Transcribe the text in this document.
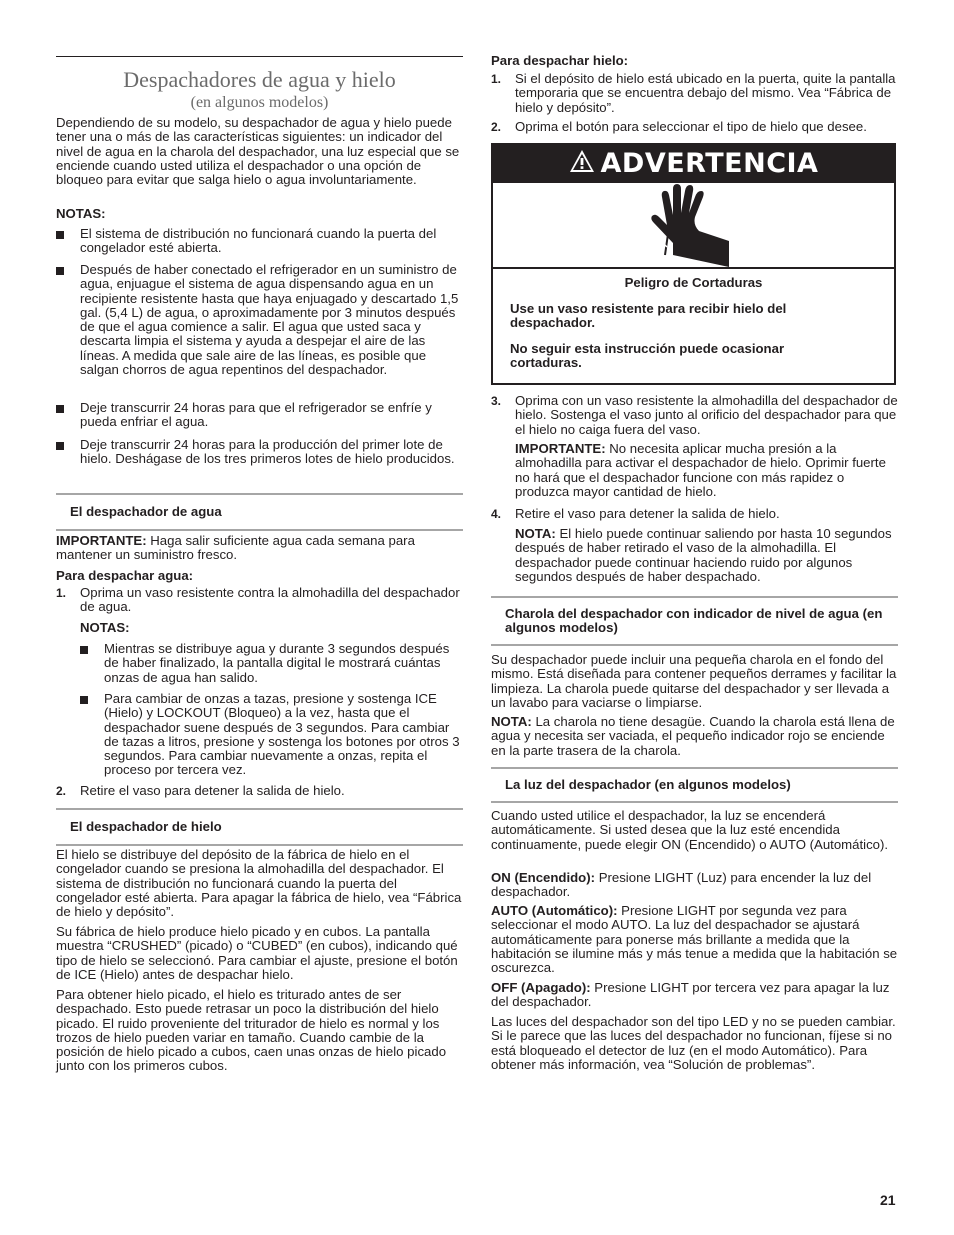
Despachadores de agua y hielo
(en algunos modelos)

Dependiendo de su modelo, su despachador de agua y hielo puede tener una o más de las características siguientes: un indicador del nivel de agua en la charola del despachador, una luz especial que se enciende cuando usted utiliza el despachador o una opción de bloqueo para evitar que salga hielo o agua involuntariamente.

NOTAS:

El sistema de distribución no funcionará cuando la puerta del congelador esté abierta.
Después de haber conectado el refrigerador en un suministro de agua, enjuague el sistema de agua dispensando agua en un recipiente resistente hasta que haya enjuagado y descartado 1,5 gal. (5,4 L) de agua, o aproximadamente por 3 minutos después de que el agua comience a salir. El agua que usted saca y descarta limpia el sistema y ayuda a despejar el aire de las líneas. A medida que sale aire de las líneas, es posible que salgan chorros de agua repentinos del despachador.
Deje transcurrir 24 horas para que el refrigerador se enfríe y pueda enfriar el agua.
Deje transcurrir 24 horas para la producción del primer lote de hielo. Deshágase de los tres primeros lotes de hielo producidos.
El despachador de agua

IMPORTANTE: Haga salir suficiente agua cada semana para mantener un suministro fresco.

Para despachar agua:

1. Oprima un vaso resistente contra la almohadilla del despachador de agua.

NOTAS:

Mientras se distribuye agua y durante 3 segundos después de haber finalizado, la pantalla digital le mostrará cuántas onzas de agua han salido.
Para cambiar de onzas a tazas, presione y sostenga ICE (Hielo) y LOCKOUT (Bloqueo) a la vez, hasta que el despachador suene después de 3 segundos. Para cambiar de tazas a litros, presione y sostenga los botones por otros 3 segundos. Para cambiar nuevamente a onzas, repita el proceso por tercera vez.
2. Retire el vaso para detener la salida de hielo.
El despachador de hielo

El hielo se distribuye del depósito de la fábrica de hielo en el congelador cuando se presiona la almohadilla del despachador. El sistema de distribución no funcionará cuando la puerta del congelador esté abierta. Para apagar la fábrica de hielo, vea “Fábrica de hielo y depósito”.

Su fábrica de hielo produce hielo picado y en cubos. La pantalla muestra “CRUSHED” (picado) o “CUBED” (en cubos), indicando qué tipo de hielo se seleccionó. Para cambiar el ajuste, presione el botón de ICE (Hielo) antes de despachar hielo.

Para obtener hielo picado, el hielo es triturado antes de ser despachado. Esto puede retrasar un poco la distribución del hielo picado. El ruido proveniente del triturador de hielo es normal y los trozos de hielo pueden variar en tamaño. Cuando cambie de la posición de hielo picado a cubos, caen unas onzas de hielo picado junto con los primeros cubos.

Para despachar hielo:

1. Si el depósito de hielo está ubicado en la puerta, quite la pantalla temporaria que se encuentra debajo del mismo. Vea “Fábrica de hielo y depósito”.
2. Oprima el botón para seleccionar el tipo de hielo que desee.
ADVERTENCIA

Peligro de Cortaduras

Use un vaso resistente para recibir hielo del despachador.

No seguir esta instrucción puede ocasionar cortaduras.

3. Oprima con un vaso resistente la almohadilla del despachador de hielo. Sostenga el vaso junto al orificio del despachador para que el hielo no caiga fuera del vaso.

IMPORTANTE: No necesita aplicar mucha presión a la almohadilla para activar el despachador de hielo. Oprimir fuerte no hará que el despachador funcione con más rapidez o produzca mayor cantidad de hielo.

4. Retire el vaso para detener la salida de hielo.

NOTA: El hielo puede continuar saliendo por hasta 10 segundos después de haber retirado el vaso de la almohadilla. El despachador puede continuar haciendo ruido por algunos segundos después de haber despachado.

Charola del despachador con indicador de nivel de agua (en algunos modelos)

Su despachador puede incluir una pequeña charola en el fondo del mismo. Está diseñada para contener pequeños derrames y facilitar la limpieza. La charola puede quitarse del despachador y ser llevada a un lavabo para vaciarse o limpiarse.

NOTA: La charola no tiene desagüe. Cuando la charola está llena de agua y necesita ser vaciada, el pequeño indicador rojo se enciende en la parte trasera de la charola.

La luz del despachador (en algunos modelos)

Cuando usted utilice el despachador, la luz se encenderá automáticamente. Si usted desea que la luz esté encendida continuamente, puede elegir ON (Encendido) o AUTO (Automático).

ON (Encendido): Presione LIGHT (Luz) para encender la luz del despachador.

AUTO (Automático): Presione LIGHT por segunda vez para seleccionar el modo AUTO. La luz del despachador se ajustará automáticamente para ponerse más brillante a medida que la habitación se ilumine más y más tenue a medida que la habitación se oscurezca.

OFF (Apagado): Presione LIGHT por tercera vez para apagar la luz del despachador.

Las luces del despachador son del tipo LED y no se pueden cambiar. Si le parece que las luces del despachador no funcionan, fíjese si no está bloqueado el detector de luz (en el modo Automático). Para obtener más información, vea “Solución de problemas”.

21
